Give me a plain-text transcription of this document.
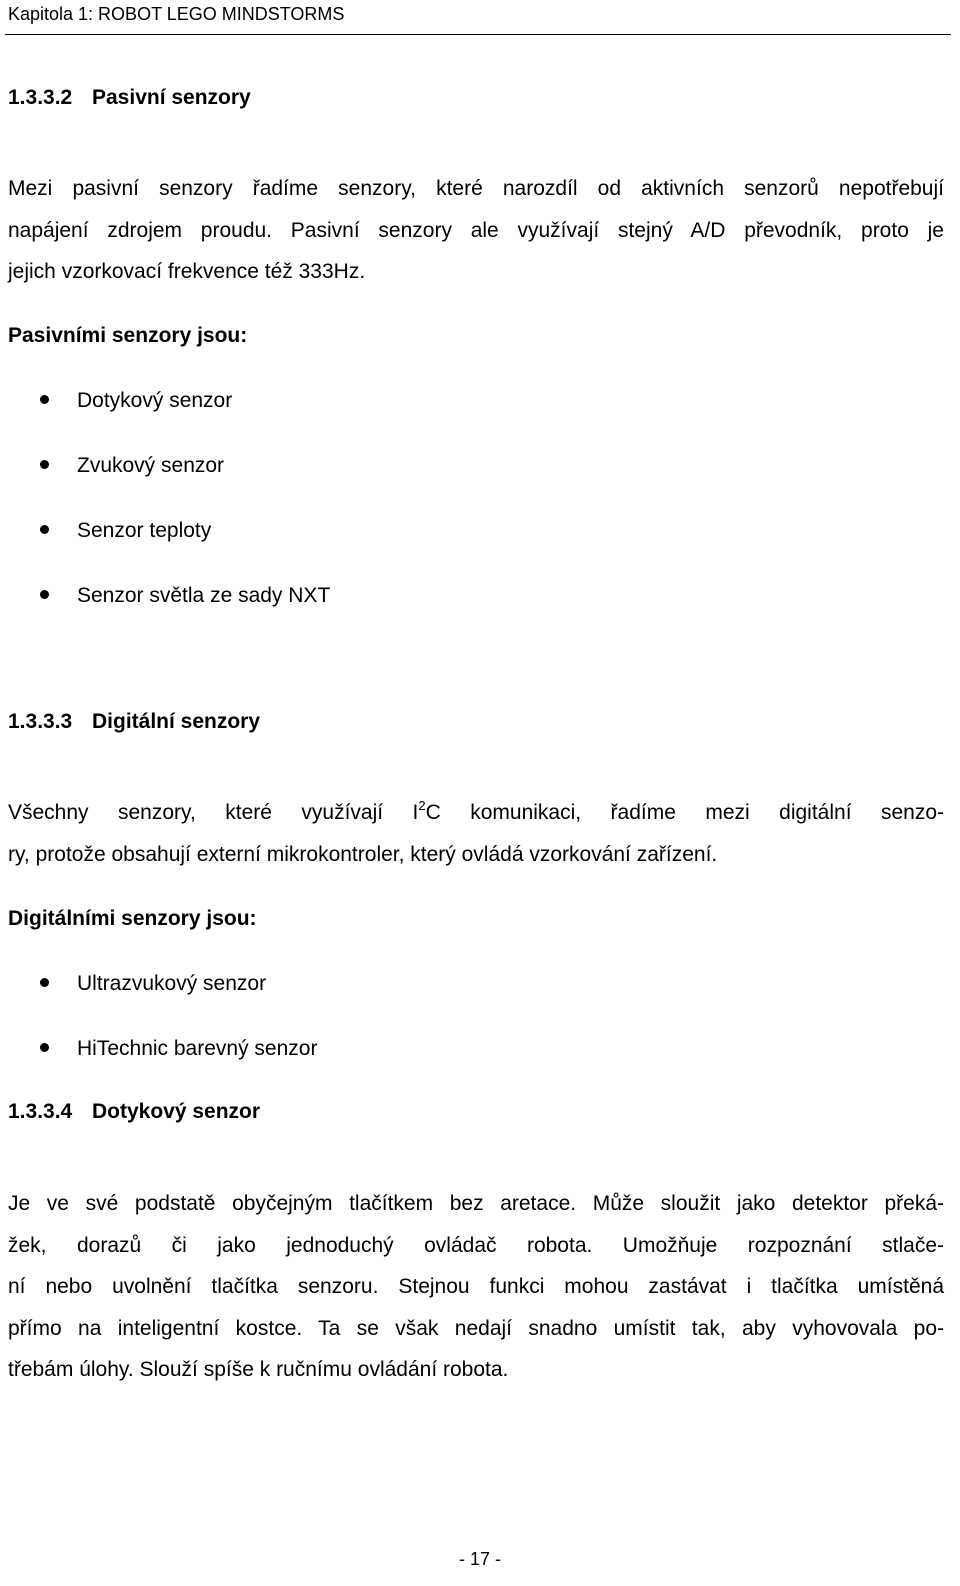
Kapitola 1: ROBOT LEGO MINDSTORMS
1.3.3.2 Pasivní senzory
Mezi pasivní senzory řadíme senzory, které narozdíl od aktivních senzorů nepotřebují
napájení zdrojem proudu. Pasivní senzory ale využívají stejný A/D převodník, proto je
jejich vzorkovací frekvence též 333Hz.
Pasivními senzory jsou:
Dotykový senzor
Zvukový senzor
Senzor teploty
Senzor světla ze sady NXT
1.3.3.3 Digitální senzory
Všechny senzory, které využívají $I^2C$ komunikaci, řadíme mezi digitální senzo-
ry, protože obsahují externí mikrokontroler, který ovládá vzorkování zařízení.
Digitálními senzory jsou:
Ultrazvukový senzor
HiTechnic barevný senzor
1.3.3.4 Dotykový senzor
Je ve své podstatě obyčejným tlačítkem bez aretace. Může sloužit jako detektor překá-
žek, dorazů či jako jednoduchý ovládač robota. Umožňuje rozpoznání stlače-
ní nebo uvolnění tlačítka senzoru. Stejnou funkci mohou zastávat i tlačítka umístěná
přímo na inteligentní kostce. Ta se však nedají snadno umístit tak, aby vyhovovala po-
třebám úlohy. Slouží spíše k ručnímu ovládání robota.
- 17 -
